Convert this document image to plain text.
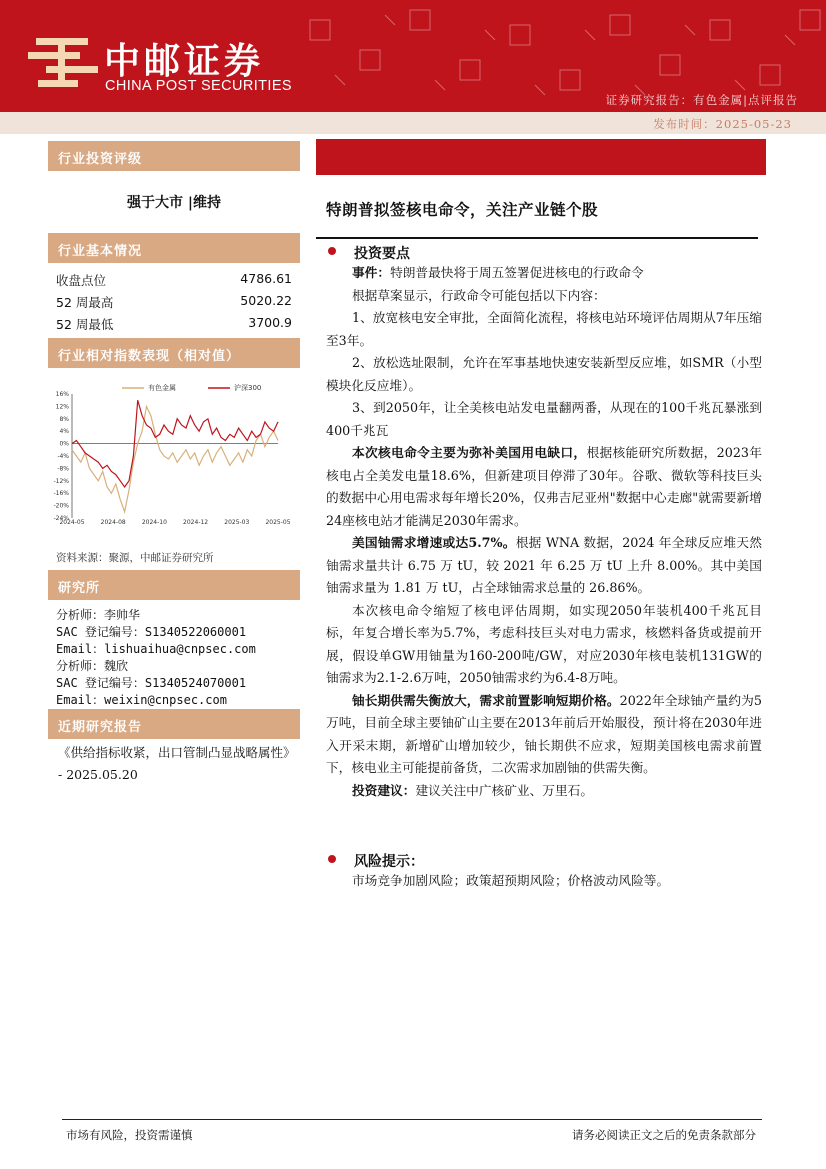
中邮证券
CHINA POST SECURITIES
证券研究报告：有色金属|点评报告
发布时间：2025-05-23
行业投资评级
强于大市 |维持
行业基本情况
收盘点位	4786.61
52 周最高	5020.22
52 周最低	3700.9
行业相对指数表现（相对值）
16%
12%
8%
4%
0%
-4%
-8%
-12%
-16%
-20%
-24%
2024-05	2024-08	2024-10	2024-12	2025-03	2025-05
有色金属	沪深300
资料来源：聚源，中邮证券研究所
研究所
分析师：李帅华
SAC 登记编号：S1340522060001
Email：lishuaihua@cnpsec.com
分析师：魏欣
SAC 登记编号：S1340524070001
Email：weixin@cnpsec.com
近期研究报告
《供给指标收紧，出口管制凸显战略属性》 - 2025.05.20
特朗普拟签核电命令，关注产业链个股
投资要点

事件：特朗普最快将于周五签署促进核电的行政命令

根据草案显示，行政命令可能包括以下内容：

1、放宽核电安全审批，全面简化流程，将核电站环境评估周期从7年压缩至3年。

2、放松选址限制，允许在军事基地快速安装新型反应堆，如SMR（小型模块化反应堆）。

3、到2050年，让全美核电站发电量翻两番，从现在的100千兆瓦暴涨到400千兆瓦

本次核电命令主要为弥补美国用电缺口，根据核能研究所数据，2023年核电占全美发电量18.6%，但新建项目停滞了30年。谷歌、微软等科技巨头的数据中心用电需求每年增长20%，仅弗吉尼亚州"数据中心走廊"就需要新增24座核电站才能满足2030年需求。

美国铀需求增速或达5.7%。根据 WNA 数据，2024 年全球反应堆天然铀需求量共计 6.75 万 tU，较 2021 年 6.25 万 tU 上升 8.00%。其中美国铀需求量为 1.81 万 tU，占全球铀需求总量的 26.86%。

本次核电命令缩短了核电评估周期，如实现2050年装机400千兆瓦目标，年复合增长率为5.7%，考虑科技巨头对电力需求，核燃料备货或提前开展，假设单GW用铀量为160-200吨/GW，对应2030年核电装机131GW的铀需求为2.1-2.6万吨，2050铀需求约为6.4-8万吨。

铀长期供需失衡放大，需求前置影响短期价格。2022年全球铀产量约为5万吨，目前全球主要铀矿山主要在2013年前后开始服役，预计将在2030年进入开采末期，新增矿山增加较少，铀长期供不应求，短期美国核电需求前置下，核电业主可能提前备货，二次需求加剧铀的供需失衡。

投资建议：建议关注中广核矿业、万里石。

风险提示：

市场竞争加剧风险；政策超预期风险；价格波动风险等。

市场有风险，投资需谨慎	请务必阅读正文之后的免责条款部分
